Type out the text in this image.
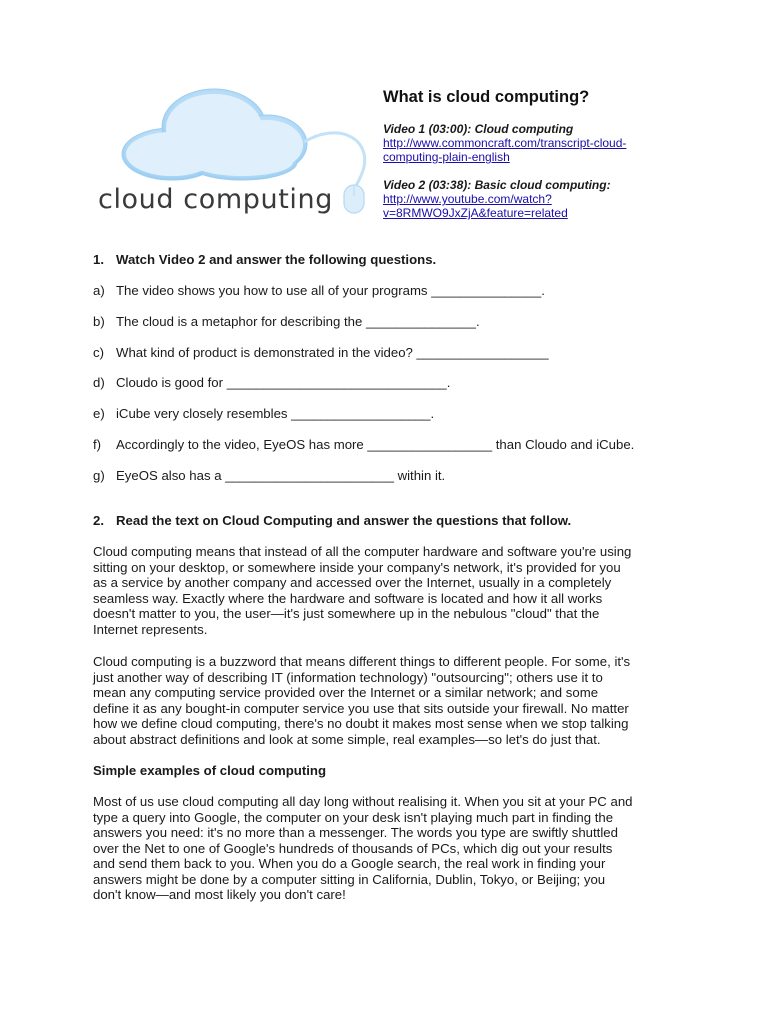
cloud computing
What is cloud computing?
Video 1 (03:00): Cloud computing
http://www.commoncraft.com/transcript-cloud-
computing-plain-english
Video 2 (03:38): Basic cloud computing:
http://www.youtube.com/watch?
v=8RMWO9JxZjA&feature=related
1. Watch Video 2 and answer the following questions.
a) The video shows you how to use all of your programs _______________.
b) The cloud is a metaphor for describing the _______________.
c) What kind of product is demonstrated in the video? __________________
d) Cloudo is good for ______________________________.
e) iCube very closely resembles ___________________.
f) Accordingly to the video, EyeOS has more _________________ than Cloudo and iCube.
g) EyeOS also has a _______________________ within it.
2. Read the text on Cloud Computing and answer the questions that follow.
Cloud computing means that instead of all the computer hardware and software you're using
sitting on your desktop, or somewhere inside your company's network, it's provided for you
as a service by another company and accessed over the Internet, usually in a completely
seamless way. Exactly where the hardware and software is located and how it all works
doesn't matter to you, the user—it's just somewhere up in the nebulous "cloud" that the
Internet represents.
Cloud computing is a buzzword that means different things to different people. For some, it's
just another way of describing IT (information technology) "outsourcing"; others use it to
mean any computing service provided over the Internet or a similar network; and some
define it as any bought-in computer service you use that sits outside your firewall. No matter
how we define cloud computing, there's no doubt it makes most sense when we stop talking
about abstract definitions and look at some simple, real examples—so let's do just that.
Simple examples of cloud computing
Most of us use cloud computing all day long without realising it. When you sit at your PC and
type a query into Google, the computer on your desk isn't playing much part in finding the
answers you need: it's no more than a messenger. The words you type are swiftly shuttled
over the Net to one of Google's hundreds of thousands of PCs, which dig out your results
and send them back to you. When you do a Google search, the real work in finding your
answers might be done by a computer sitting in California, Dublin, Tokyo, or Beijing; you
don't know—and most likely you don't care!
